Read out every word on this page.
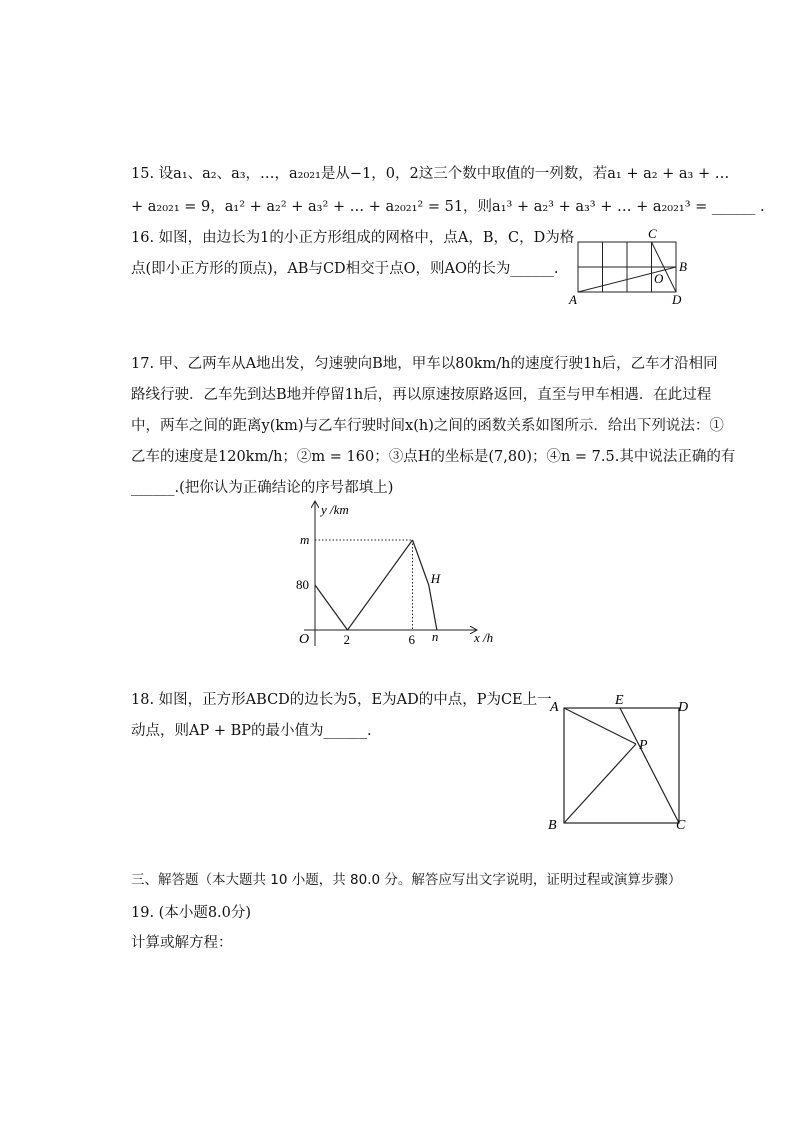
15. 设a₁、a₂、a₃，…，a₂₀₂₁是从−1，0，2这三个数中取值的一列数，若a₁ + a₂ + a₃ + …
+ a₂₀₂₁ = 9，a₁² + a₂² + a₃² + … + a₂₀₂₁² = 51，则a₁³ + a₂³ + a₃³ + … + a₂₀₂₁³ = ______ .
16. 如图，由边长为1的小正方形组成的网格中，点A，B，C，D为格
点(即小正方形的顶点)，AB与CD相交于点O，则AO的长为______.
C
B
O
A	D
17. 甲、乙两车从A地出发，匀速驶向B地，甲车以80km/h的速度行驶1h后，乙车才沿相同
路线行驶．乙车先到达B地并停留1h后，再以原速按原路返回，直至与甲车相遇．在此过程
中，两车之间的距离y(km)与乙车行驶时间x(h)之间的函数关系如图所示．给出下列说法：①
乙车的速度是120km/h；②m = 160；③点H的坐标是(7,80)；④n = 7.5.其中说法正确的有
______.(把你认为正确结论的序号都填上)
y /km
x /h
O
80
m
2	6 n
H
18. 如图，正方形ABCD的边长为5，E为AD的中点，P为CE上一
动点，则AP + BP的最小值为______.
A	E	D
P
B	C
三、解答题（本大题共 10 小题，共 80.0 分。解答应写出文字说明，证明过程或演算步骤）
19. (本小题8.0分)
计算或解方程：
